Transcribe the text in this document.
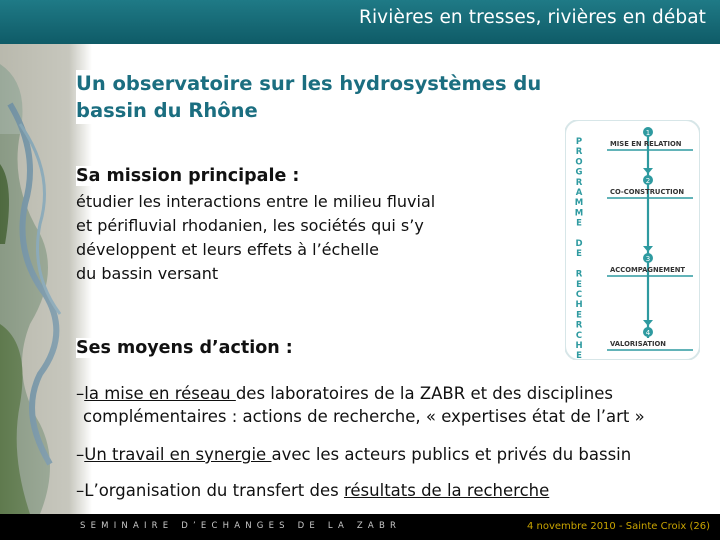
Rivières en tresses, rivières en débat
Un observatoire sur les hydrosystèmes du
bassin du Rhône
Sa mission principale :
étudier les interactions entre le milieu fluvial
et périfluvial rhodanien, les sociétés qui s’y
développent et leurs effets à l’échelle
du bassin versant
P
R
O
G
R
A
M
M
E
D
E
R
E
C
H
E
R
C
H
E
1
MISE EN RELATION
2
CO-CONSTRUCTION
3
ACCOMPAGNEMENT
4
VALORISATION
Ses moyens d’action :
–la mise en réseau des laboratoires de la ZABR et des disciplines
complémentaires : actions de recherche, « expertises état de l’art »
–Un travail en synergie avec les acteurs publics et privés du bassin
–L’organisation du transfert des résultats de la recherche
SEMINAIRE D’ECHANGES DE LA ZABR	4 novembre 2010 - Sainte Croix (26)
